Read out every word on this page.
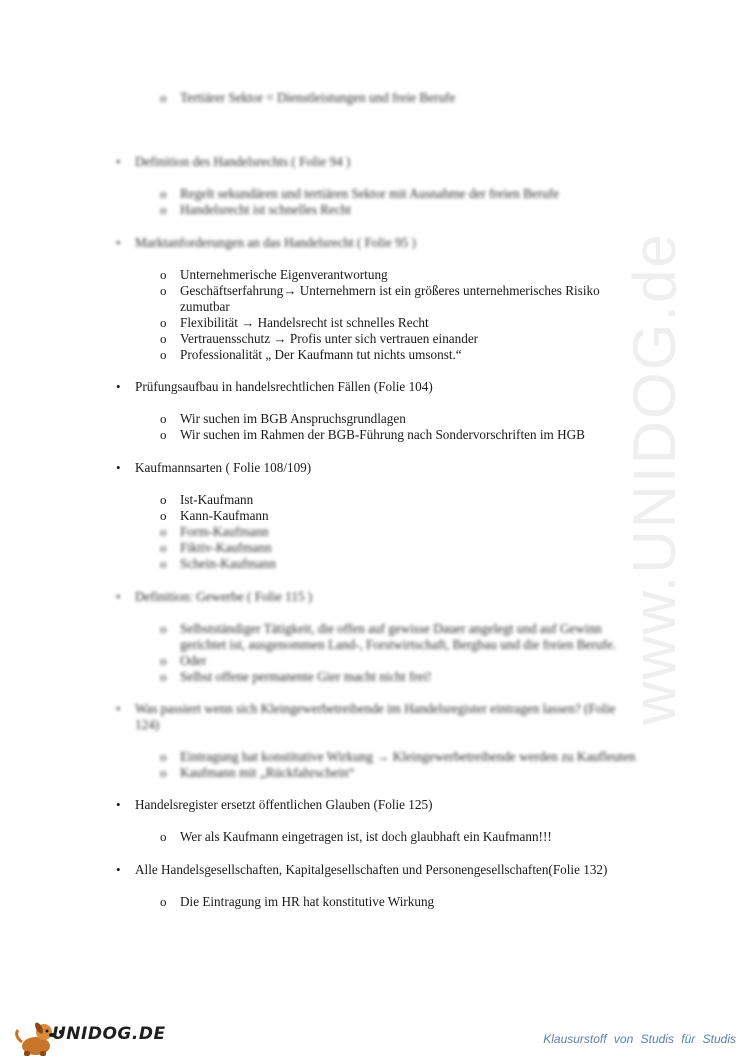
www.UNIDOG.de
o Tertiärer Sektor = Dienstleistungen und freie Berufe
• Definition des Handelsrechts ( Folie 94 )
o Regelt sekundären und tertiären Sektor mit Ausnahme der freien Berufe
o Handelsrecht ist schnelles Recht
• Marktanforderungen an das Handelsrecht ( Folie 95 )
o Unternehmerische Eigenverantwortung
o Geschäftserfahrung→ Unternehmern ist ein größeres unternehmerisches Risiko
zumutbar
o Flexibilität → Handelsrecht ist schnelles Recht
o Vertrauensschutz → Profis unter sich vertrauen einander
o Professionalität „ Der Kaufmann tut nichts umsonst.“
• Prüfungsaufbau in handelsrechtlichen Fällen (Folie 104)
o Wir suchen im BGB Anspruchsgrundlagen
o Wir suchen im Rahmen der BGB-Führung nach Sondervorschriften im HGB
• Kaufmannsarten ( Folie 108/109)
o Ist-Kaufmann
o Kann-Kaufmann
o Form-Kaufmann
o Fiktiv-Kaufmann
o Schein-Kaufmann
• Definition: Gewerbe ( Folie 115 )
o Selbstständiger Tätigkeit, die offen auf gewisse Dauer angelegt und auf Gewinn
gerichtet ist, ausgenommen Land-, Forstwirtschaft, Bergbau und die freien Berufe.
o Oder
o Selbst offene permanente Gier macht nicht frei!
• Was passiert wenn sich Kleingewerbetreibende im Handelsregister eintragen lassen? (Folie
124)
o Eintragung hat konstitutive Wirkung → Kleingewerbetreibende werden zu Kaufleuten
o Kaufmann mit „Rückfahrschein“
• Handelsregister ersetzt öffentlichen Glauben (Folie 125)
o Wer als Kaufmann eingetragen ist, ist doch glaubhaft ein Kaufmann!!!
• Alle Handelsgesellschaften, Kapitalgesellschaften und Personengesellschaften(Folie 132)
o Die Eintragung im HR hat konstitutive Wirkung
UNIDOG.DE	Klausurstoff von Studis für Studis
